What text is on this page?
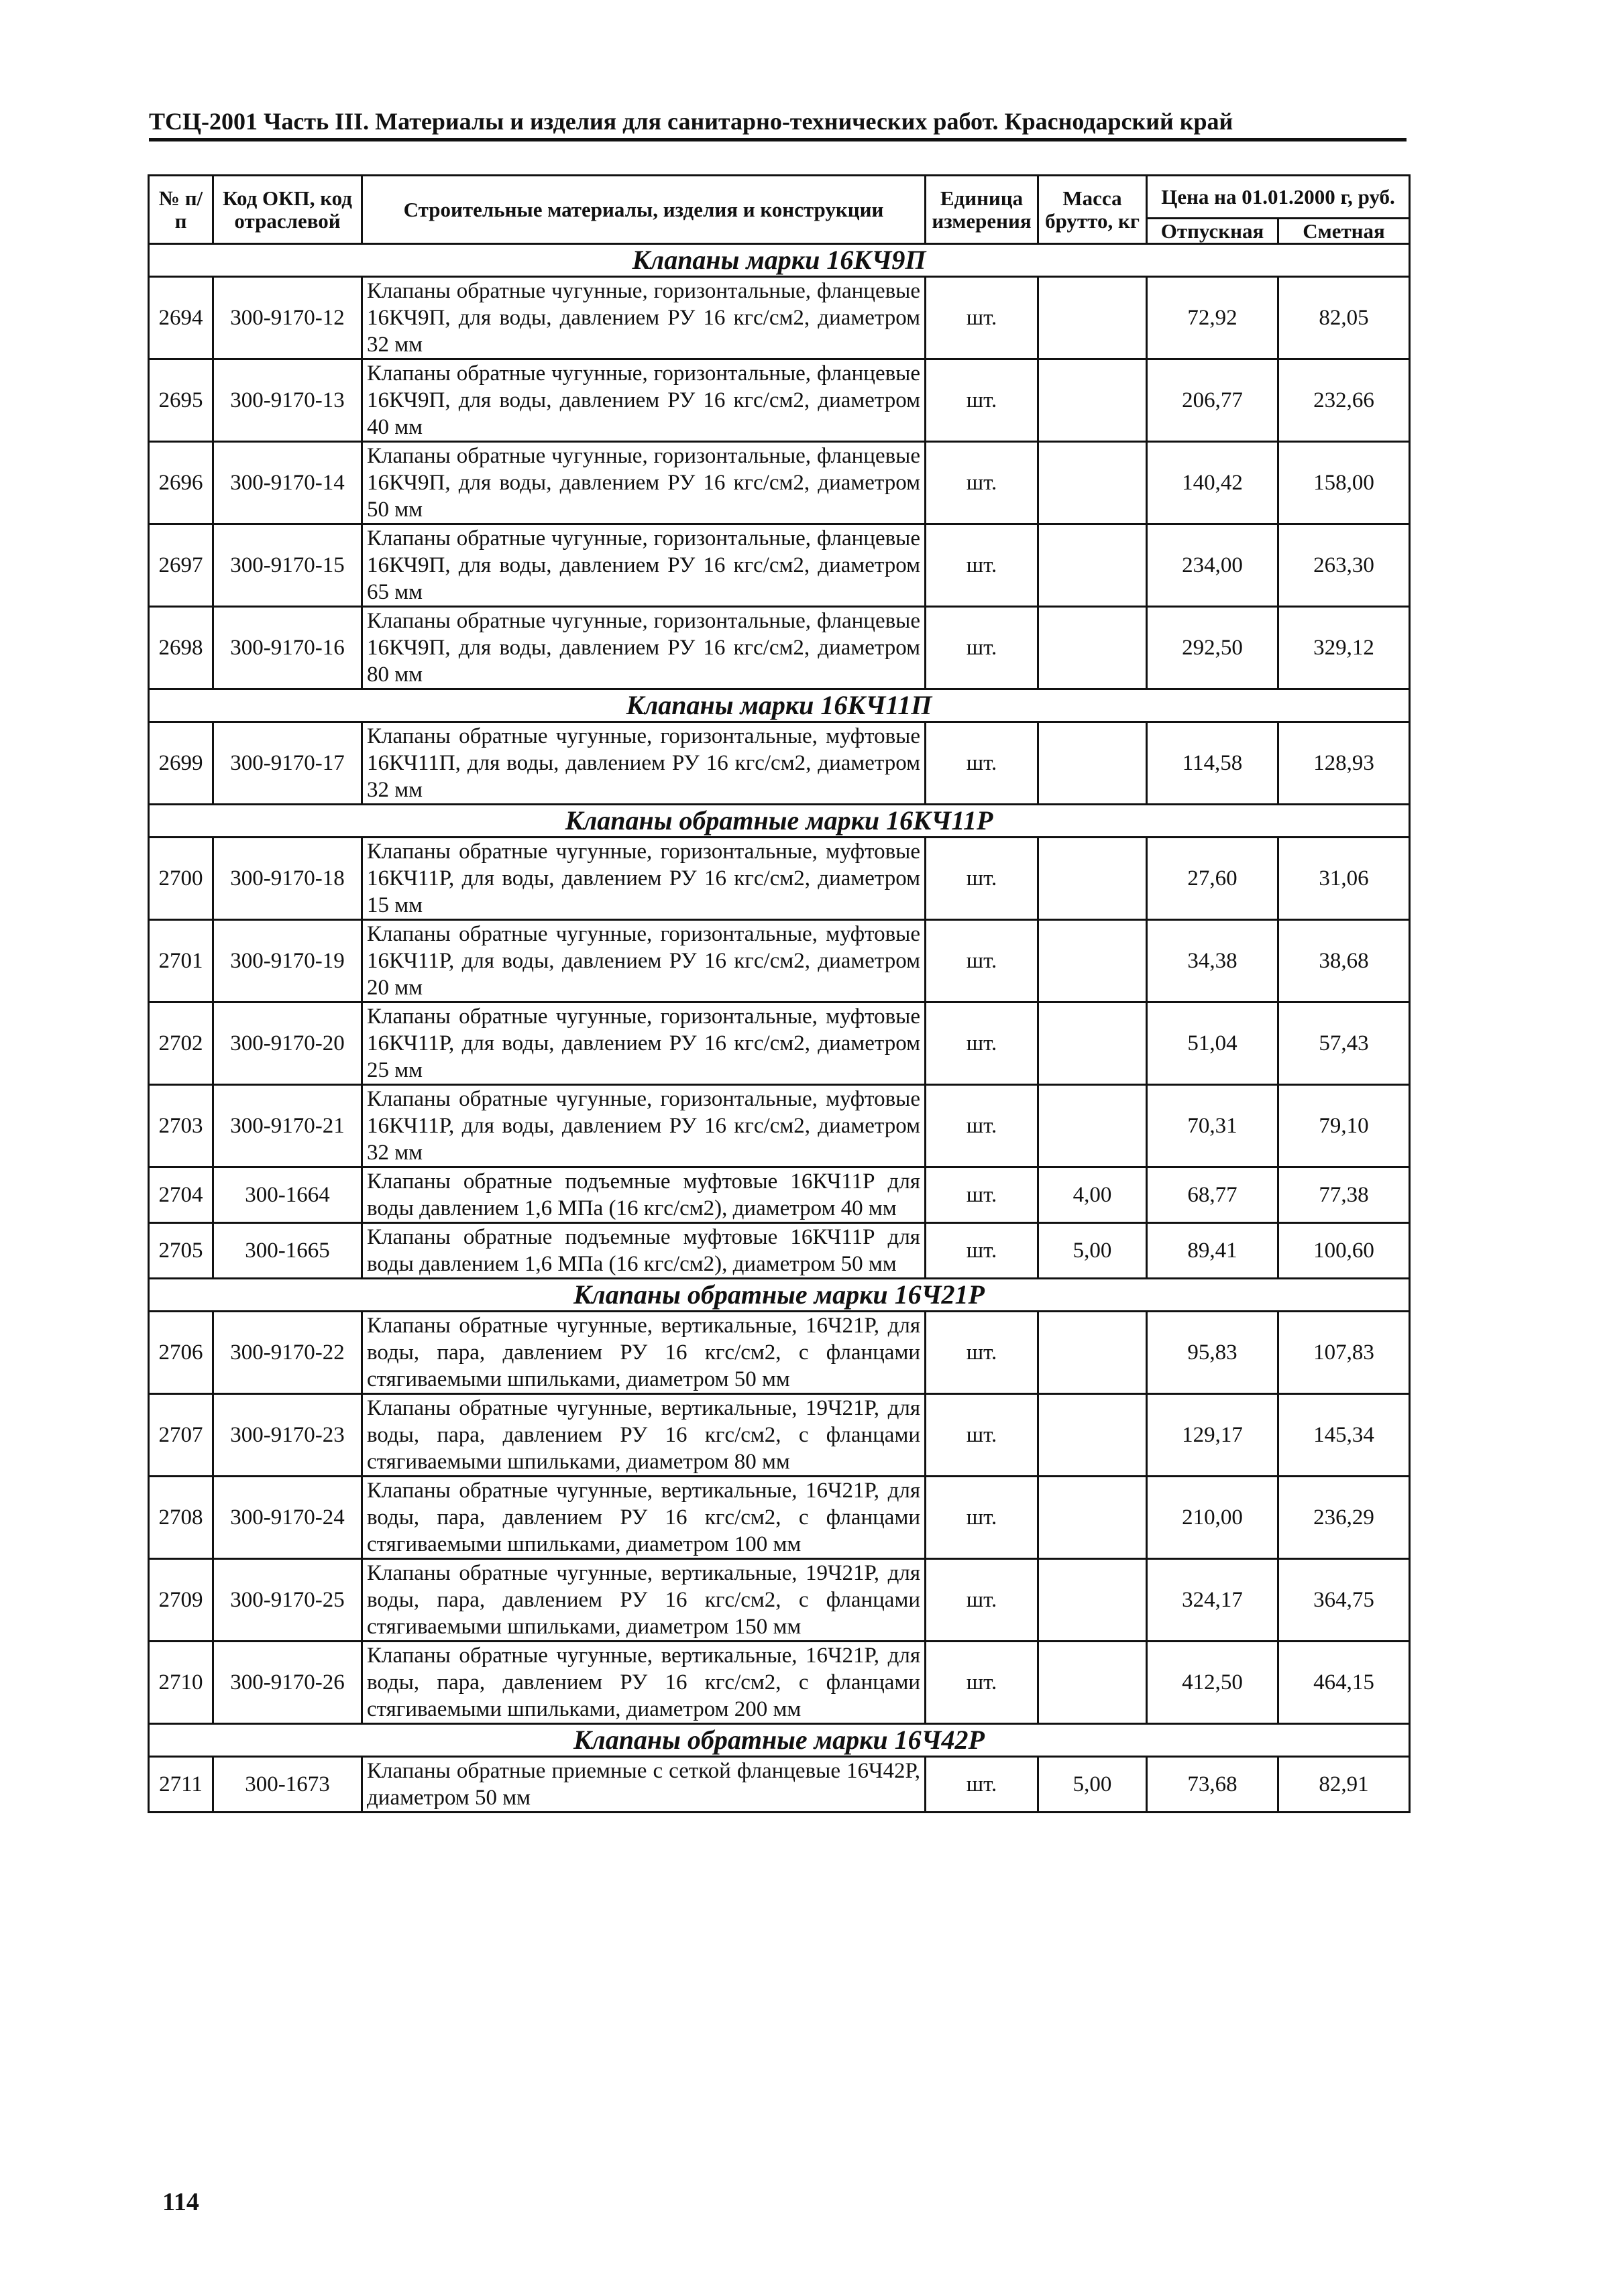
ТСЦ-2001 Часть III. Материалы и изделия для санитарно-технических работ. Краснодарский край
№ п/п	Код ОКП, код отраслевой	Строительные материалы, изделия и конструкции	Единица измерения	Масса брутто, кг	Цена на 01.01.2000 г, руб.	
					Отпускная	Сметная
Клапаны марки 16КЧ9П						
2694	300-9170-12	Клапаны обратные чугунные, горизонтальные, фланцевые 16КЧ9П, для воды, давлением РУ 16 кгс/см2, диаметром 32 мм	шт.		72,92	82,05
2695	300-9170-13	Клапаны обратные чугунные, горизонтальные, фланцевые 16КЧ9П, для воды, давлением РУ 16 кгс/см2, диаметром 40 мм	шт.		206,77	232,66
2696	300-9170-14	Клапаны обратные чугунные, горизонтальные, фланцевые 16КЧ9П, для воды, давлением РУ 16 кгс/см2, диаметром 50 мм	шт.		140,42	158,00
2697	300-9170-15	Клапаны обратные чугунные, горизонтальные, фланцевые 16КЧ9П, для воды, давлением РУ 16 кгс/см2, диаметром 65 мм	шт.		234,00	263,30
2698	300-9170-16	Клапаны обратные чугунные, горизонтальные, фланцевые 16КЧ9П, для воды, давлением РУ 16 кгс/см2, диаметром 80 мм	шт.		292,50	329,12
Клапаны марки 16КЧ11П						
2699	300-9170-17	Клапаны обратные чугунные, горизонтальные, муфтовые 16КЧ11П, для воды, давлением РУ 16 кгс/см2, диаметром 32 мм	шт.		114,58	128,93
Клапаны обратные марки 16КЧ11Р						
2700	300-9170-18	Клапаны обратные чугунные, горизонтальные, муфтовые 16КЧ11Р, для воды, давлением РУ 16 кгс/см2, диаметром 15 мм	шт.		27,60	31,06
2701	300-9170-19	Клапаны обратные чугунные, горизонтальные, муфтовые 16КЧ11Р, для воды, давлением РУ 16 кгс/см2, диаметром 20 мм	шт.		34,38	38,68
2702	300-9170-20	Клапаны обратные чугунные, горизонтальные, муфтовые 16КЧ11Р, для воды, давлением РУ 16 кгс/см2, диаметром 25 мм	шт.		51,04	57,43
2703	300-9170-21	Клапаны обратные чугунные, горизонтальные, муфтовые 16КЧ11Р, для воды, давлением РУ 16 кгс/см2, диаметром 32 мм	шт.		70,31	79,10
2704	300-1664	Клапаны обратные подъемные муфтовые 16КЧ11Р для воды давлением 1,6 МПа (16 кгс/см2), диаметром 40 мм	шт.	4,00	68,77	77,38
2705	300-1665	Клапаны обратные подъемные муфтовые 16КЧ11Р для воды давлением 1,6 МПа (16 кгс/см2), диаметром 50 мм	шт.	5,00	89,41	100,60
Клапаны обратные марки 16Ч21Р						
2706	300-9170-22	Клапаны обратные чугунные, вертикальные, 16Ч21Р, для воды, пара, давлением РУ 16 кгс/см2, с фланцами стягиваемыми шпильками, диаметром 50 мм	шт.		95,83	107,83
2707	300-9170-23	Клапаны обратные чугунные, вертикальные, 19Ч21Р, для воды, пара, давлением РУ 16 кгс/см2, с фланцами стягиваемыми шпильками, диаметром 80 мм	шт.		129,17	145,34
2708	300-9170-24	Клапаны обратные чугунные, вертикальные, 16Ч21Р, для воды, пара, давлением РУ 16 кгс/см2, с фланцами стягиваемыми шпильками, диаметром 100 мм	шт.		210,00	236,29
2709	300-9170-25	Клапаны обратные чугунные, вертикальные, 19Ч21Р, для воды, пара, давлением РУ 16 кгс/см2, с фланцами стягиваемыми шпильками, диаметром 150 мм	шт.		324,17	364,75
2710	300-9170-26	Клапаны обратные чугунные, вертикальные, 16Ч21Р, для воды, пара, давлением РУ 16 кгс/см2, с фланцами стягиваемыми шпильками, диаметром 200 мм	шт.		412,50	464,15
Клапаны обратные марки 16Ч42Р						
2711	300-1673	Клапаны обратные приемные с сеткой фланцевые 16Ч42Р, диаметром 50 мм	шт.	5,00	73,68	82,91
114
